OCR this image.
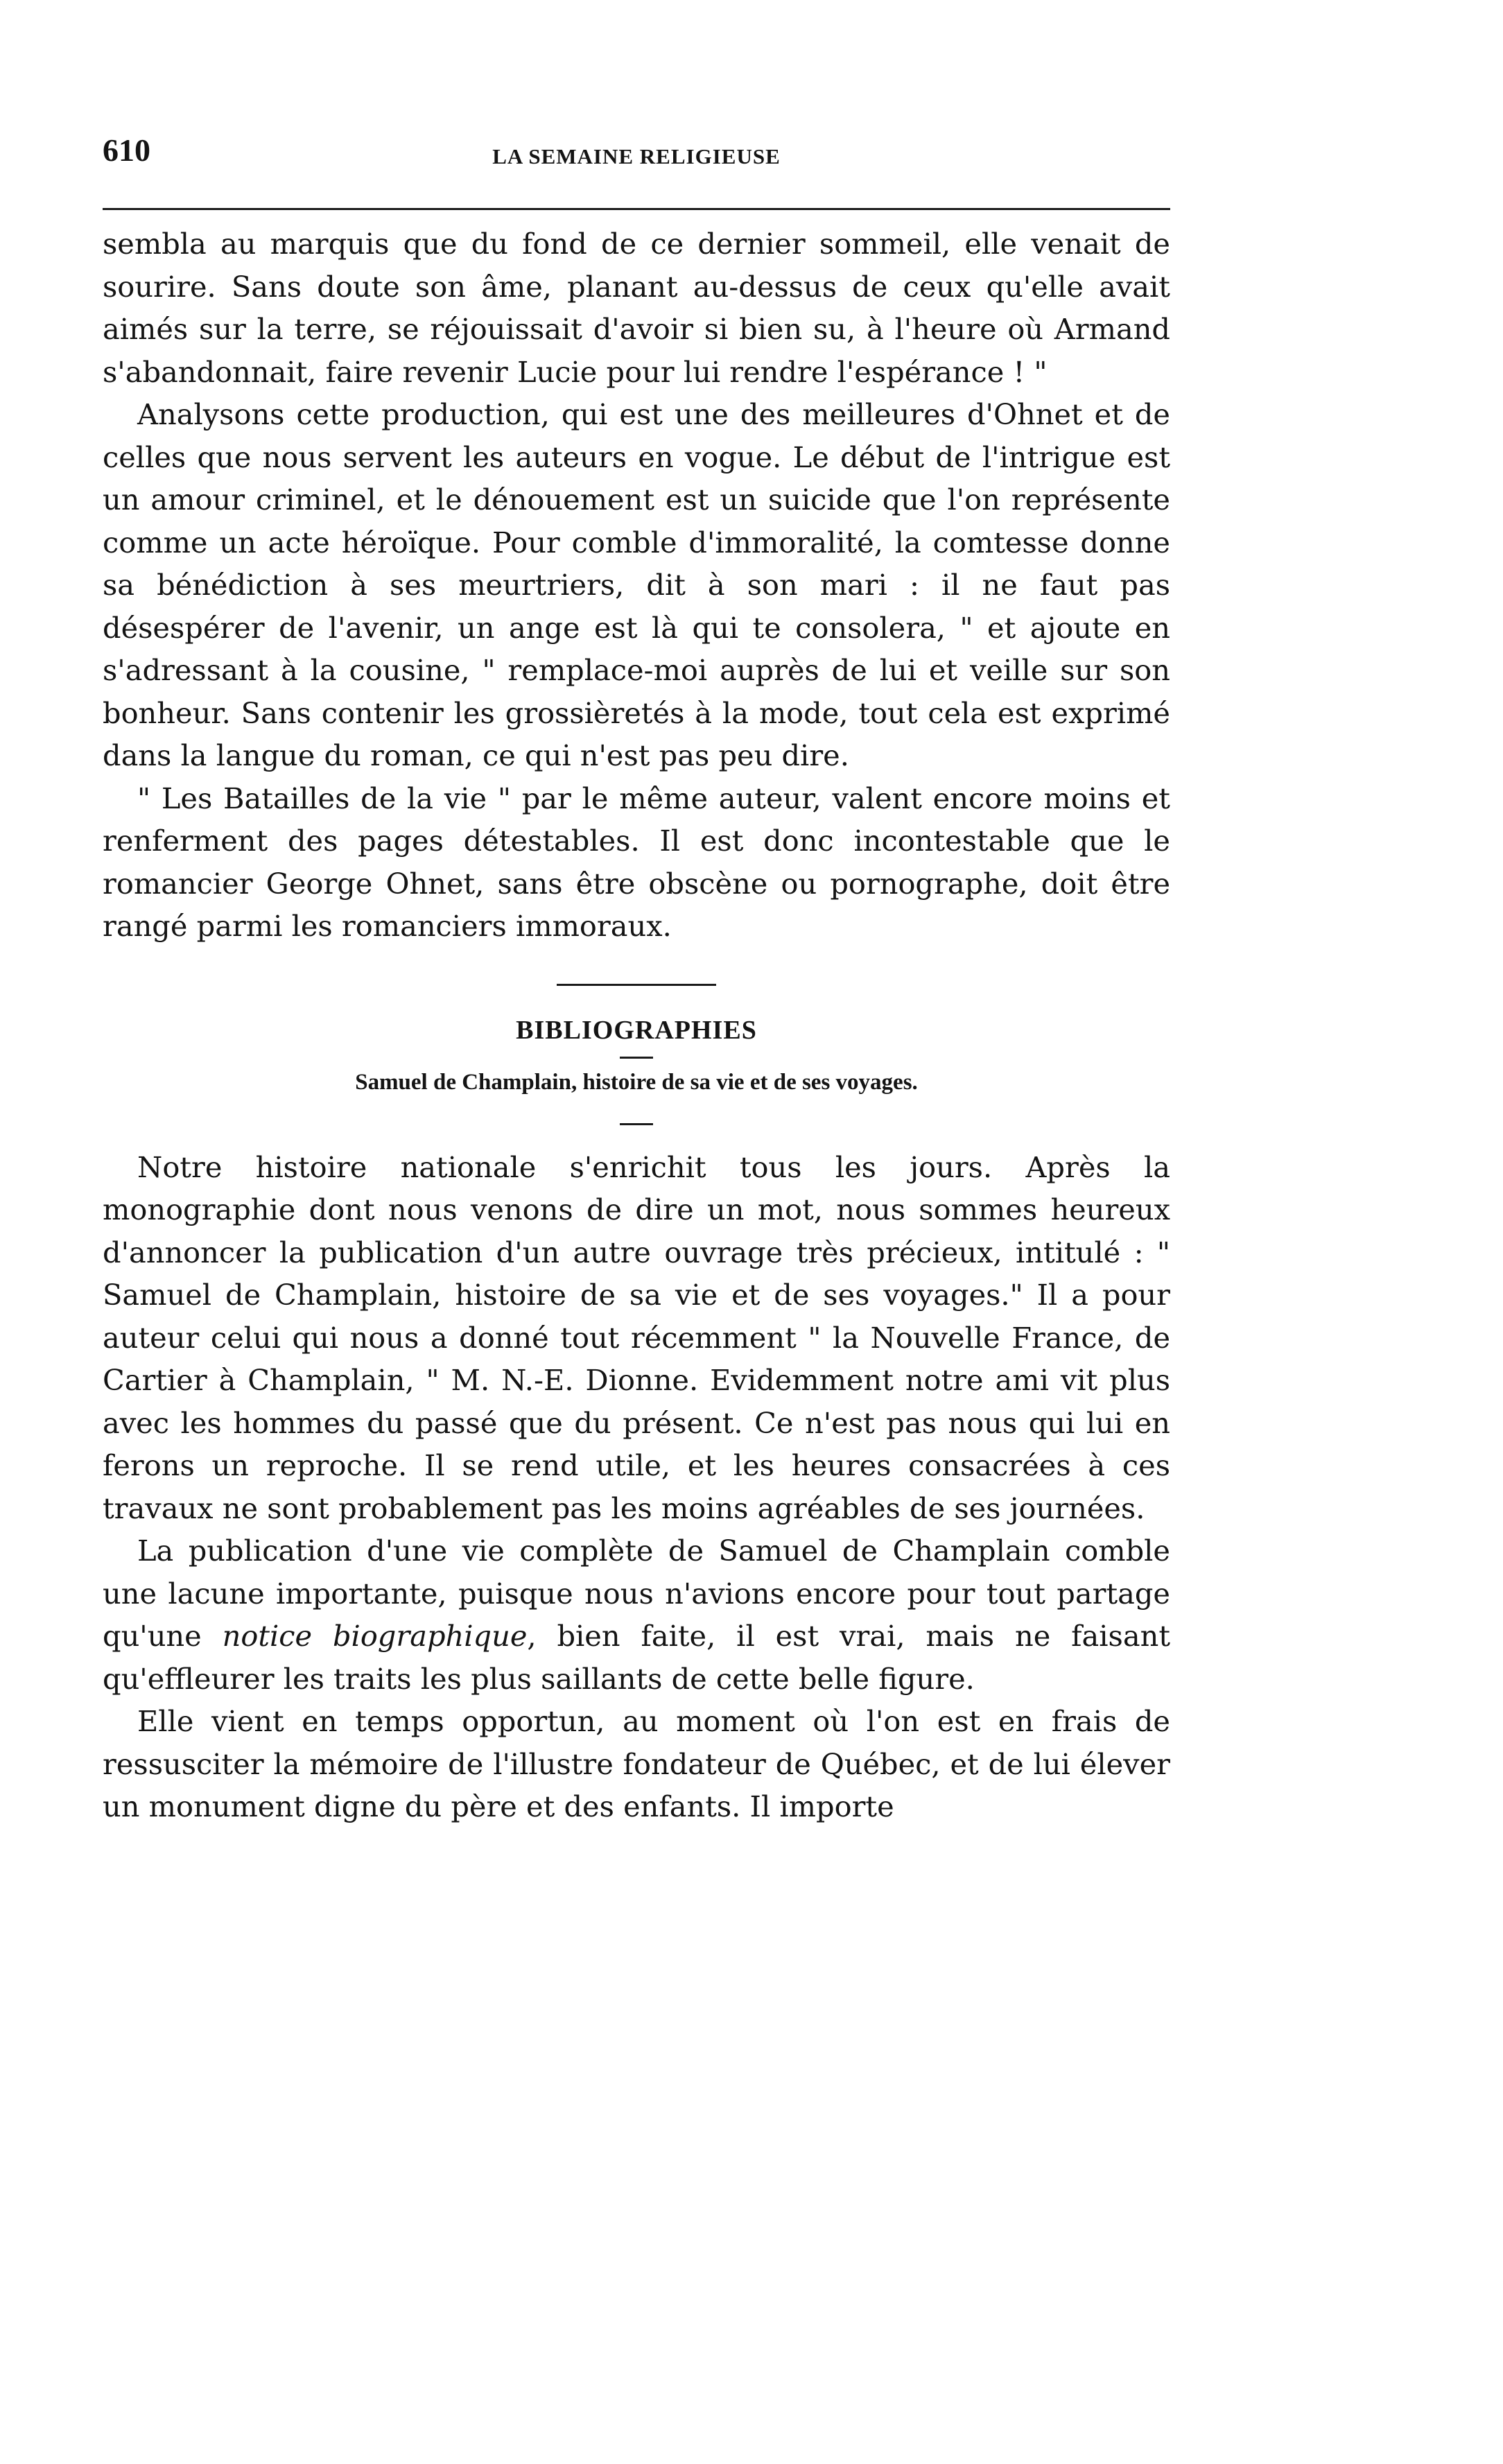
610	LA SEMAINE RELIGIEUSE

sembla au marquis que du fond de ce dernier sommeil, elle venait de sourire. Sans doute son âme, planant au-dessus de ceux qu'elle avait aimés sur la terre, se réjouissait d'avoir si bien su, à l'heure où Armand s'abandonnait, faire revenir Lucie pour lui rendre l'espérance ! "

Analysons cette production, qui est une des meilleures d'Ohnet et de celles que nous servent les auteurs en vogue. Le début de l'intrigue est un amour criminel, et le dénouement est un suicide que l'on représente comme un acte héroïque. Pour comble d'immoralité, la comtesse donne sa bénédiction à ses meurtriers, dit à son mari : il ne faut pas désespérer de l'avenir, un ange est là qui te consolera, " et ajoute en s'adressant à la cousine, " remplace-moi auprès de lui et veille sur son bonheur. Sans contenir les grossièretés à la mode, tout cela est exprimé dans la langue du roman, ce qui n'est pas peu dire.

" Les Batailles de la vie " par le même auteur, valent encore moins et renferment des pages détestables. Il est donc incontestable que le romancier George Ohnet, sans être obscène ou pornographe, doit être rangé parmi les romanciers immoraux.

BIBLIOGRAPHIES
Samuel de Champlain, histoire de sa vie et de ses voyages.

Notre histoire nationale s'enrichit tous les jours. Après la monographie dont nous venons de dire un mot, nous sommes heureux d'annoncer la publication d'un autre ouvrage très précieux, intitulé : " Samuel de Champlain, histoire de sa vie et de ses voyages." Il a pour auteur celui qui nous a donné tout récemment " la Nouvelle France, de Cartier à Champlain, " M. N.-E. Dionne. Evidemment notre ami vit plus avec les hommes du passé que du présent. Ce n'est pas nous qui lui en ferons un reproche. Il se rend utile, et les heures consacrées à ces travaux ne sont probablement pas les moins agréables de ses journées.

La publication d'une vie complète de Samuel de Champlain comble une lacune importante, puisque nous n'avions encore pour tout partage qu'une notice biographique, bien faite, il est vrai, mais ne faisant qu'effleurer les traits les plus saillants de cette belle figure.

Elle vient en temps opportun, au moment où l'on est en frais de ressusciter la mémoire de l'illustre fondateur de Québec, et de lui élever un monument digne du père et des enfants. Il importe
